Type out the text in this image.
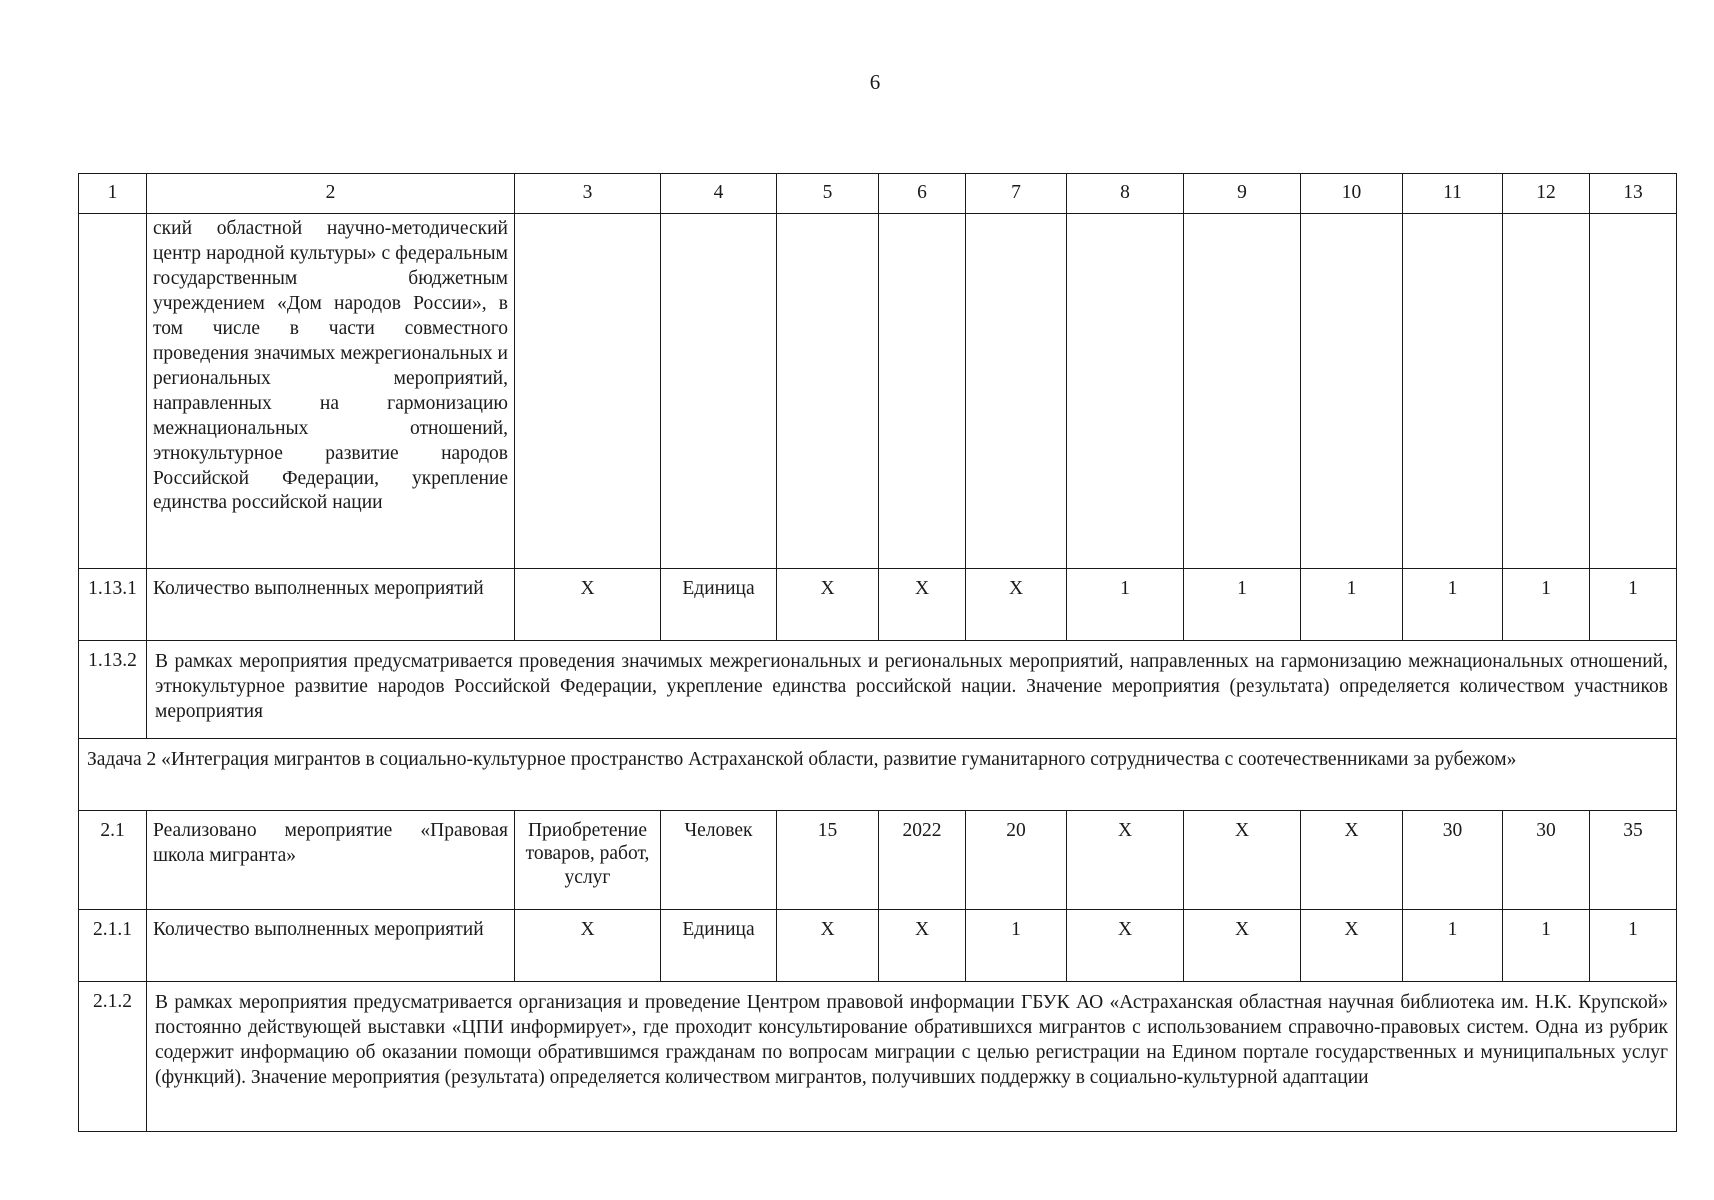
6
1	2	3	4	5	6	7	8	9	10	11	12	13
	ский областной научно-методический центр народной культуры» с федеральным государственным бюджетным учреждением «Дом народов России», в том числе в части совместного проведения значимых межрегиональных и региональных мероприятий, направленных на гармонизацию межнациональных отношений, этнокультурное развитие народов Российской Федерации, укрепление единства российской нации											
1.13.1	Количество выполненных мероприятий	Х	Единица	Х	Х	Х	1	1	1	1	1	1
1.13.2	В рамках мероприятия предусматривается проведения значимых межрегиональных и региональных мероприятий, направленных на гармонизацию межнациональных отношений, этнокультурное развитие народов Российской Федерации, укрепление единства российской нации. Значение мероприятия (результата) определяется количеством участников мероприятия											
Задача 2 «Интеграция мигрантов в социально-культурное пространство Астраханской области, развитие гуманитарного сотрудничества с соотечественниками за рубежом»												
2.1	Реализовано мероприятие «Правовая школа мигранта»	Приобретение товаров, работ, услуг	Человек	15	2022	20	Х	Х	Х	30	30	35
2.1.1	Количество выполненных мероприятий	Х	Единица	Х	Х	1	Х	Х	Х	1	1	1
2.1.2	В рамках мероприятия предусматривается организация и проведение Центром правовой информации ГБУК АО «Астраханская областная научная библиотека им. Н.К. Крупской» постоянно действующей выставки «ЦПИ информирует», где проходит консультирование обратившихся мигрантов с использованием справочно-правовых систем. Одна из рубрик содержит информацию об оказании помощи обратившимся гражданам по вопросам миграции с целью регистрации на Едином портале государственных и муниципальных услуг (функций). Значение мероприятия (результата) определяется количеством мигрантов, получивших поддержку в социально-культурной адаптации											
